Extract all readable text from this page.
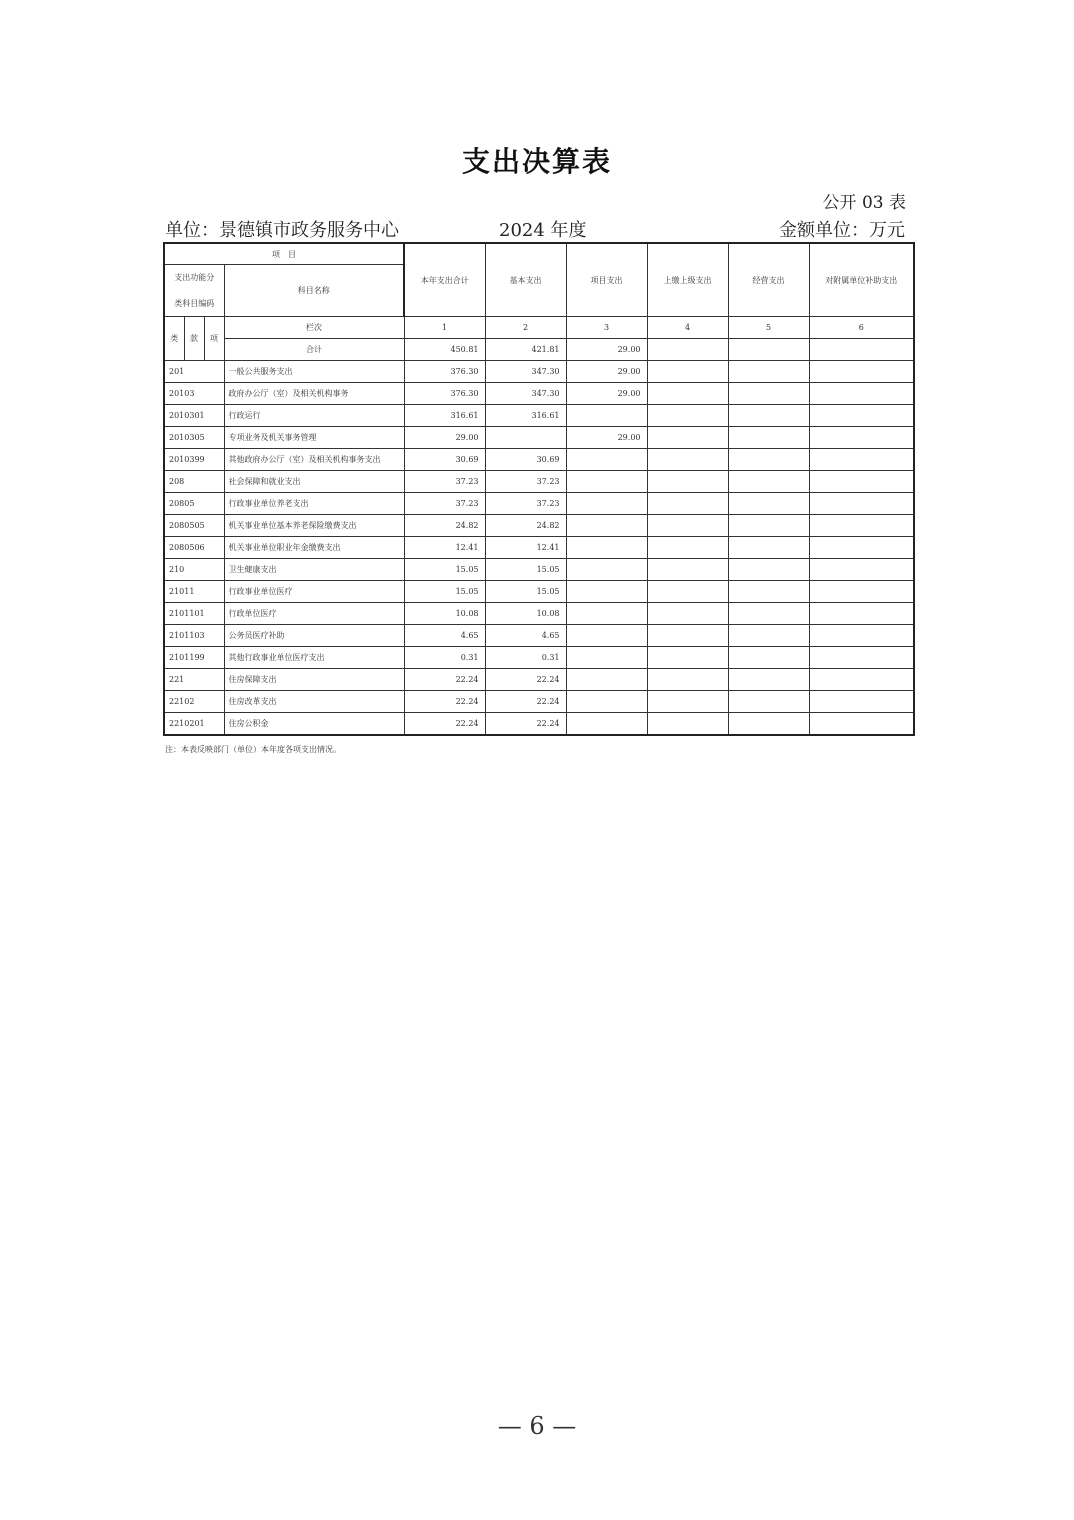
支出决算表
公开 03 表
单位：景德镇市政务服务中心	2024 年度	金额单位：万元
项　目				本年支出合计	基本支出	项目支出	上缴上级支出	经营支出	对附属单位补助支出
支出功能分			科目名称						
类科目编码									
类	款	项	栏次	1	2	3	4	5	6
			合计	450.81	421.81	29.00			
201			一般公共服务支出	376.30	347.30	29.00			
20103			政府办公厅（室）及相关机构事务	376.30	347.30	29.00			
2010301			行政运行	316.61	316.61				
2010305			专项业务及机关事务管理	29.00		29.00			
2010399			其他政府办公厅（室）及相关机构事务支出	30.69	30.69				
208			社会保障和就业支出	37.23	37.23				
20805			行政事业单位养老支出	37.23	37.23				
2080505			机关事业单位基本养老保险缴费支出	24.82	24.82				
2080506			机关事业单位职业年金缴费支出	12.41	12.41				
210			卫生健康支出	15.05	15.05				
21011			行政事业单位医疗	15.05	15.05				
2101101			行政单位医疗	10.08	10.08				
2101103			公务员医疗补助	4.65	4.65				
2101199			其他行政事业单位医疗支出	0.31	0.31				
221			住房保障支出	22.24	22.24				
22102			住房改革支出	22.24	22.24				
2210201			住房公积金	22.24	22.24				
注：本表反映部门（单位）本年度各项支出情况。
— 6 —
